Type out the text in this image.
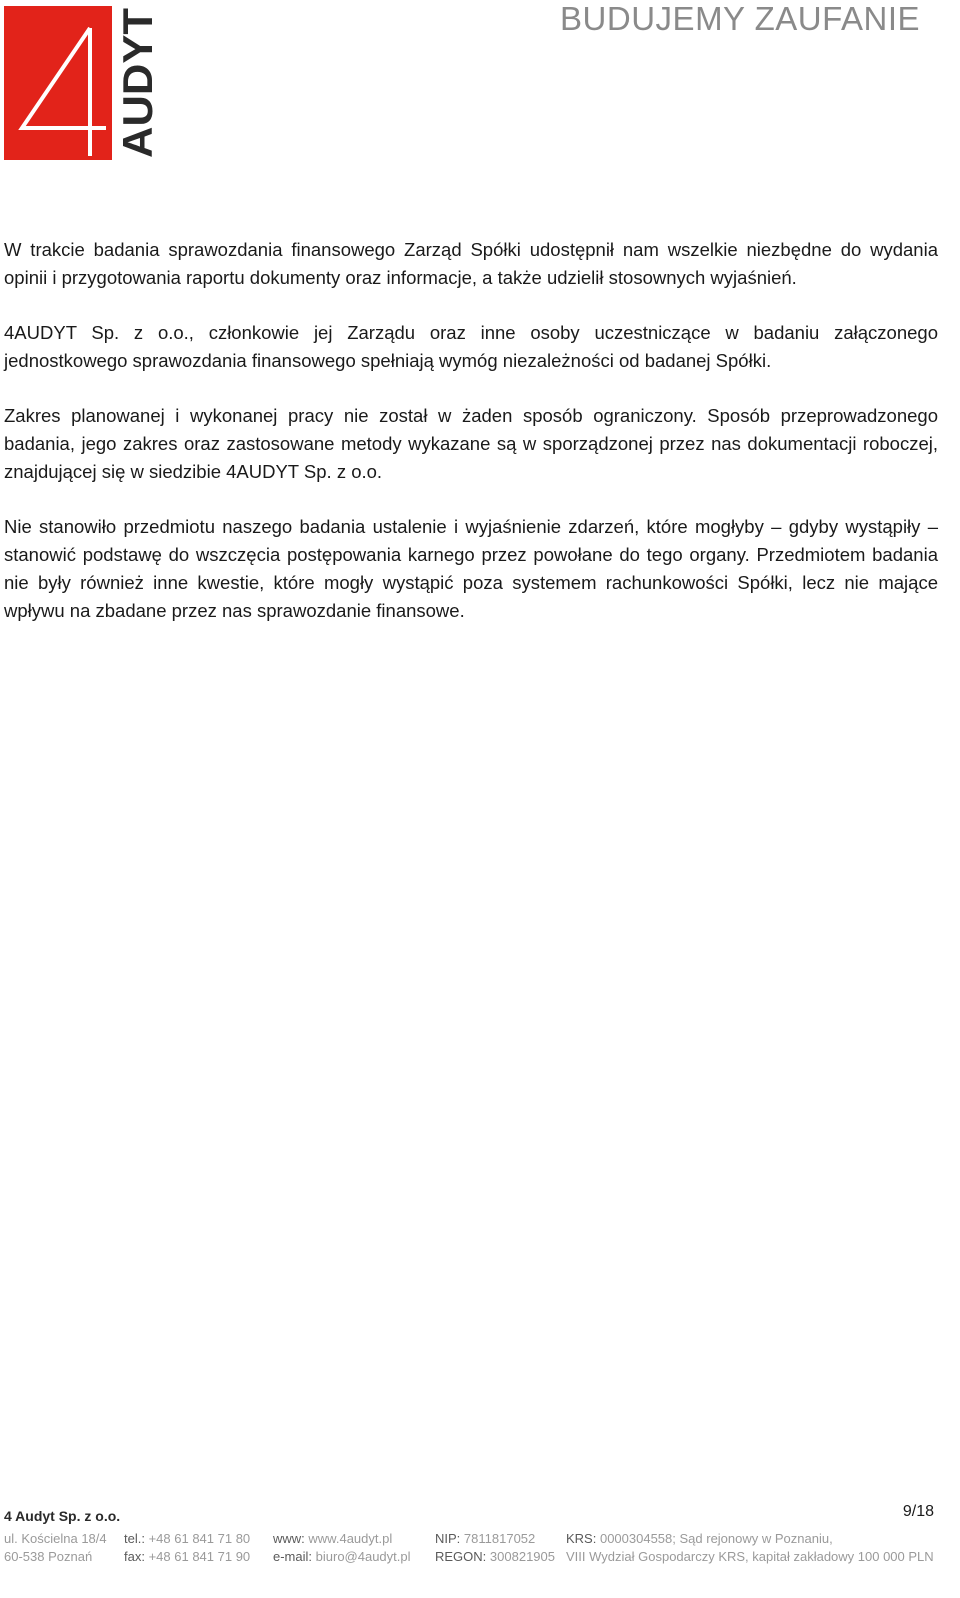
AUDYT	BUDUJEMY ZAUFANIE

W trakcie badania sprawozdania finansowego Zarząd Spółki udostępnił nam wszelkie niezbędne do wydania opinii i przygotowania raportu dokumenty oraz informacje, a także udzielił stosownych wyjaśnień.

4AUDYT Sp. z o.o., członkowie jej Zarządu oraz inne osoby uczestniczące w badaniu załączonego jednostkowego sprawozdania finansowego spełniają wymóg niezależności od badanej Spółki.

Zakres planowanej i wykonanej pracy nie został w żaden sposób ograniczony. Sposób przeprowadzonego badania, jego zakres oraz zastosowane metody wykazane są w sporządzonej przez nas dokumentacji roboczej, znajdującej się w siedzibie 4AUDYT Sp. z o.o.

Nie stanowiło przedmiotu naszego badania ustalenie i wyjaśnienie zdarzeń, które mogłyby – gdyby wystąpiły – stanowić podstawę do wszczęcia postępowania karnego przez powołane do tego organy. Przedmiotem badania nie były również inne kwestie, które mogły wystąpić poza systemem rachunkowości Spółki, lecz nie mające wpływu na zbadane przez nas sprawozdanie finansowe.

4 Audyt Sp. z o.o.	9/18
ul. Kościelna 18/4
60-538 Poznań
tel.: +48 61 841 71 80
fax: +48 61 841 71 90
www: www.4audyt.pl
e-mail: biuro@4audyt.pl
NIP: 7811817052
REGON: 300821905
KRS: 0000304558; Sąd rejonowy w Poznaniu,
VIII Wydział Gospodarczy KRS, kapitał zakładowy 100 000 PLN
